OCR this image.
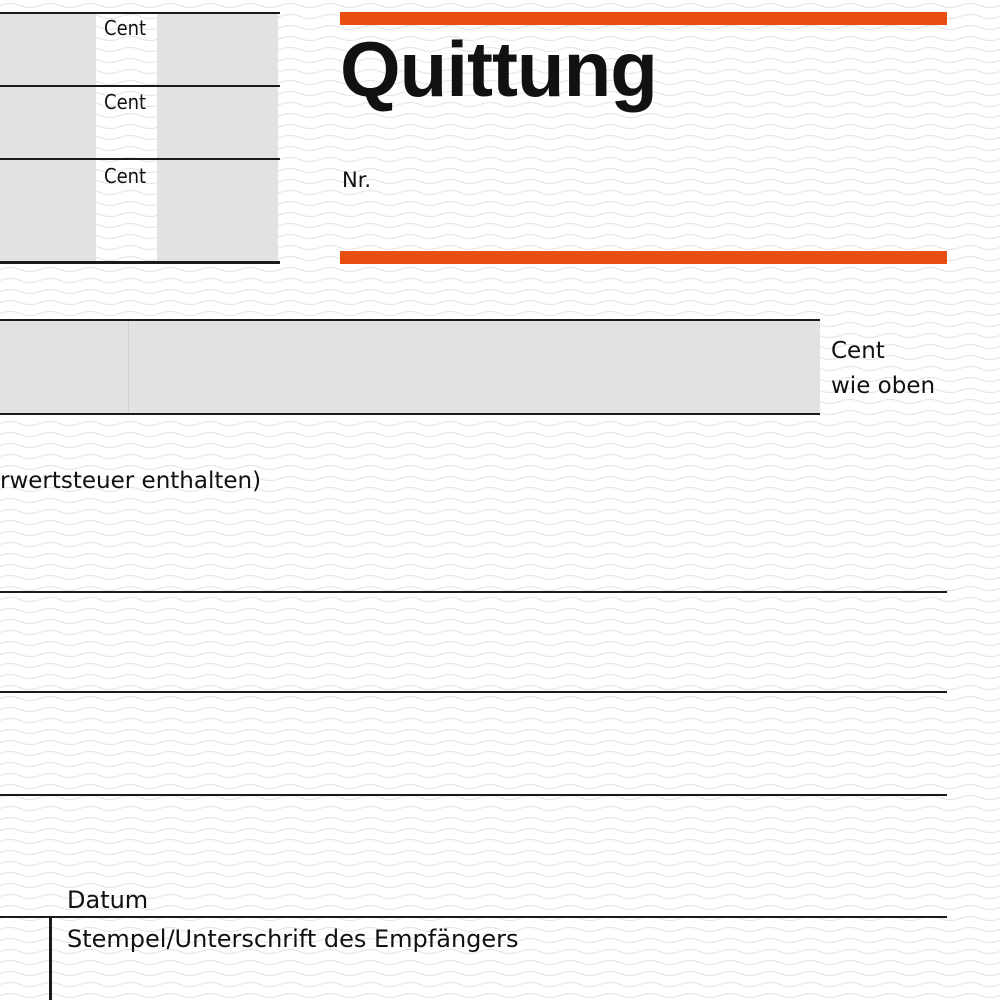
Cent
Cent
Cent
Quittung
Nr.
Cent
wie oben
rwertsteuer enthalten)
Datum
Stempel/Unterschrift des Empfängers
